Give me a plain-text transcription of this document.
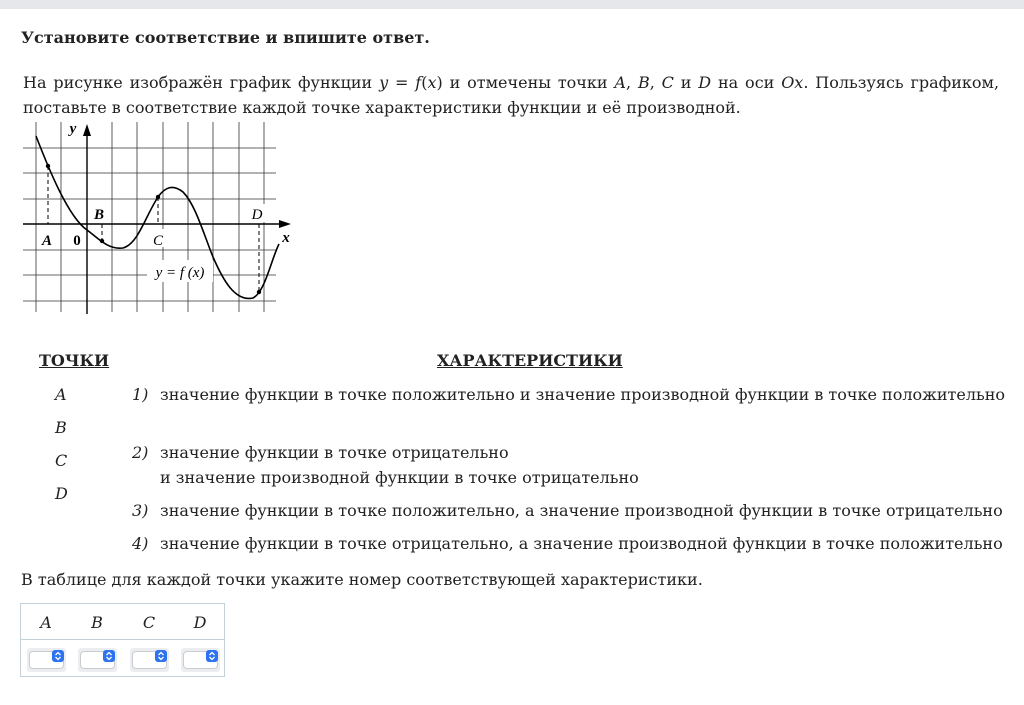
Установите соответствие и впишите ответ.
На рисунке изображён график функции y = f(x) и отмечены точки A, B, C и D на оси Ox. Пользуясь графиком, поставьте в соответствие каждой точке характеристики функции и её производной.
A
B
C
D
0
y
x
y = f (x)
ТОЧКИ	ХАРАКТЕРИСТИКИ
A
B
C
D
1) значение функции в точке положительно и значение производной функции в точке положительно
2) значение функции в точке отрицательно
и значение производной функции в точке отрицательно
3) значение функции в точке положительно, а значение производной функции в точке отрицательно
4) значение функции в точке отрицательно, а значение производной функции в точке положительно
В таблице для каждой точки укажите номер соответствующей характеристики.
A	B	C	D
